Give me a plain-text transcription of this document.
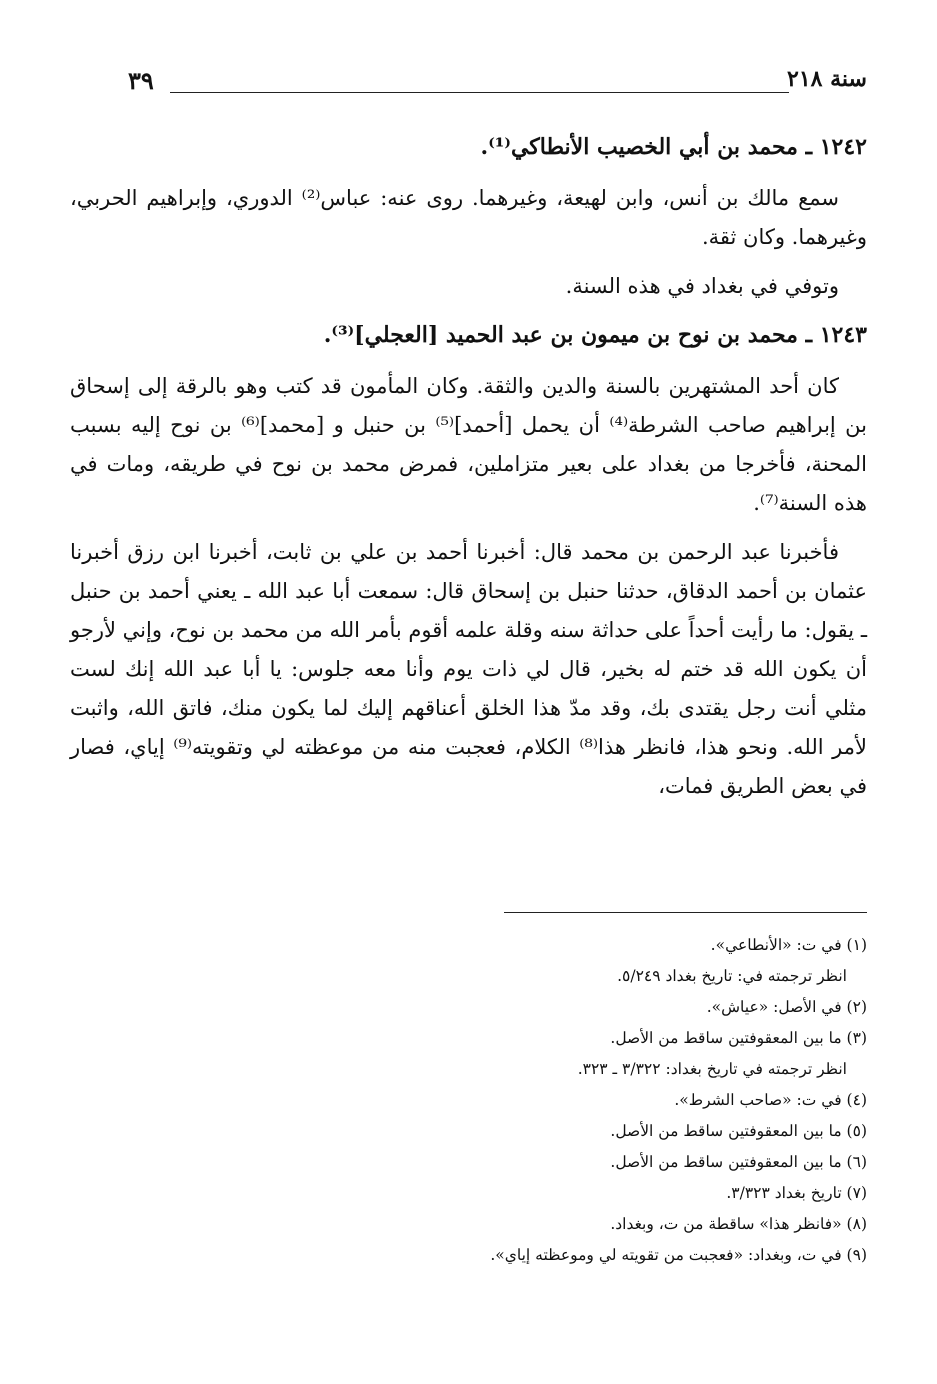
سنة ٢١٨
٣٩
١٢٤٢ ـ محمد بن أبي الخصيب الأنطاكي⁽¹⁾.

سمع مالك بن أنس، وابن لهيعة، وغيرهما. روى عنه: عباس⁽²⁾ الدوري، وإبراهيم الحربي، وغيرهما. وكان ثقة.

وتوفي في بغداد في هذه السنة.

١٢٤٣ ـ محمد بن نوح بن ميمون بن عبد الحميد [العجلي]⁽³⁾.

كان أحد المشتهرين بالسنة والدين والثقة. وكان المأمون قد كتب وهو بالرقة إلى إسحاق بن إبراهيم صاحب الشرطة⁽⁴⁾ أن يحمل [أحمد]⁽⁵⁾ بن حنبل و [محمد]⁽⁶⁾ بن نوح إليه بسبب المحنة، فأخرجا من بغداد على بعير متزاملين، فمرض محمد بن نوح في طريقه، ومات في هذه السنة⁽⁷⁾.

فأخبرنا عبد الرحمن بن محمد قال: أخبرنا أحمد بن علي بن ثابت، أخبرنا ابن رزق أخبرنا عثمان بن أحمد الدقاق، حدثنا حنبل بن إسحاق قال: سمعت أبا عبد الله ـ يعني أحمد بن حنبل ـ يقول: ما رأيت أحداً على حداثة سنه وقلة علمه أقوم بأمر الله من محمد بن نوح، وإني لأرجو أن يكون الله قد ختم له بخير، قال لي ذات يوم وأنا معه جلوس: يا أبا عبد الله إنك لست مثلي أنت رجل يقتدى بك، وقد مدّ هذا الخلق أعناقهم إليك لما يكون منك، فاتق الله، واثبت لأمر الله. ونحو هذا، فانظر هذا⁽⁸⁾ الكلام، فعجبت منه من موعظته لي وتقويته⁽⁹⁾ إياي، فصار في بعض الطريق فمات،

(١) في ت: «الأنطاعي».
انظر ترجمته في: تاريخ بغداد ٥/٢٤٩.
(٢) في الأصل: «عياش».
(٣) ما بين المعقوفتين ساقط من الأصل.
انظر ترجمته في تاريخ بغداد: ٣/٣٢٢ ـ ٣٢٣.
(٤) في ت: «صاحب الشرط».
(٥) ما بين المعقوفتين ساقط من الأصل.
(٦) ما بين المعقوفتين ساقط من الأصل.
(٧) تاريخ بغداد ٣/٣٢٣.
(٨) «فانظر هذا» ساقطة من ت، وبغداد.
(٩) في ت، وبغداد: «فعجبت من تقويته لي وموعظته إياي».
